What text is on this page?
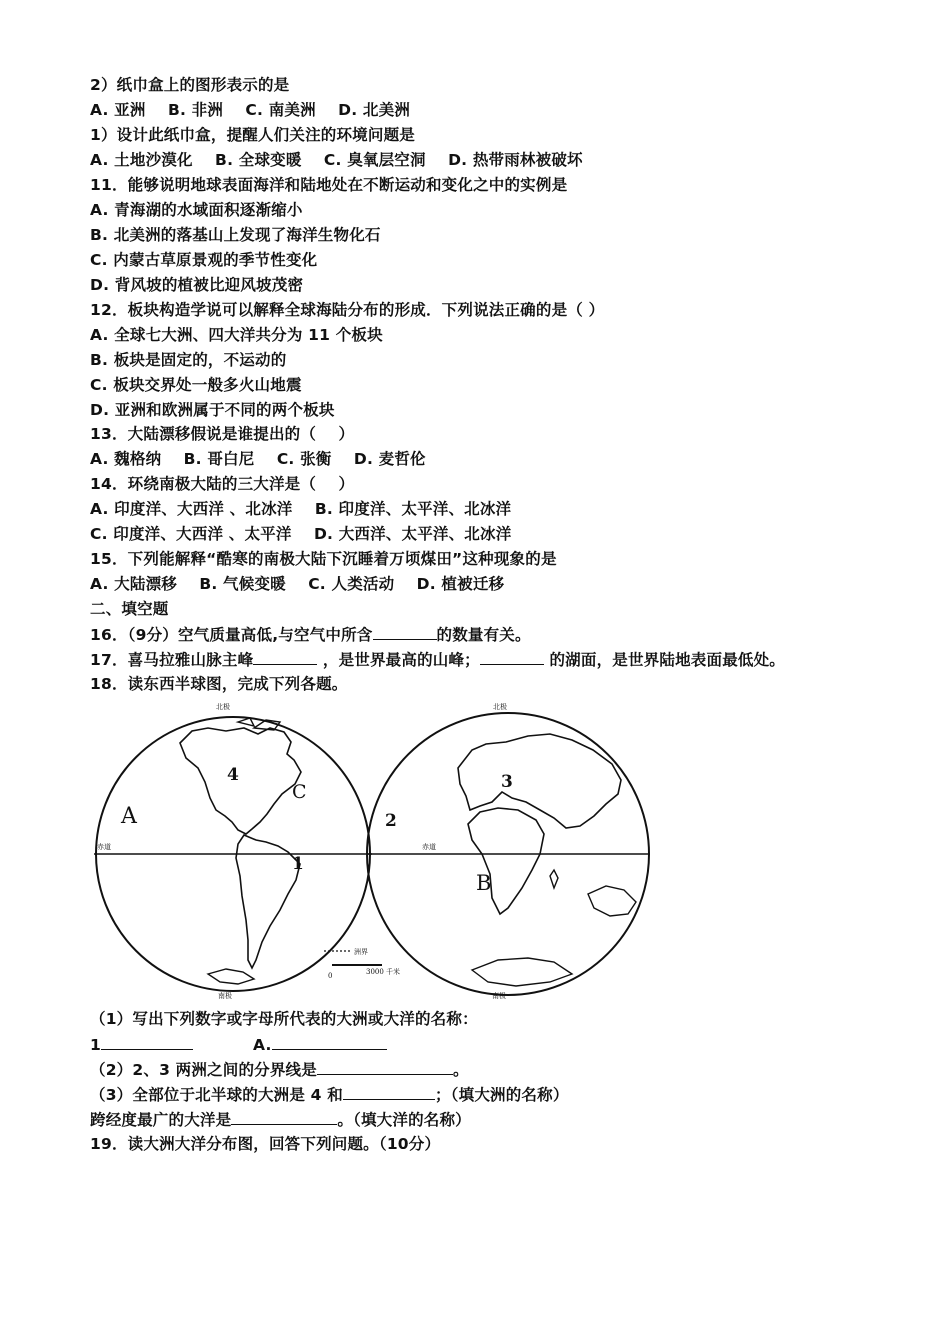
2）纸巾盒上的图形表示的是
A. 亚洲    B. 非洲    C. 南美洲    D. 北美洲
1）设计此纸巾盒，提醒人们关注的环境问题是
A. 土地沙漠化    B. 全球变暖    C. 臭氧层空洞    D. 热带雨林被破坏
11．能够说明地球表面海洋和陆地处在不断运动和变化之中的实例是
A. 青海湖的水域面积逐渐缩小
B. 北美洲的落基山上发现了海洋生物化石
C. 内蒙古草原景观的季节性变化
D. 背风坡的植被比迎风坡茂密
12．板块构造学说可以解释全球海陆分布的形成．下列说法正确的是（ ）
A. 全球七大洲、四大洋共分为 11 个板块
B. 板块是固定的，不运动的
C. 板块交界处一般多火山地震
D. 亚洲和欧洲属于不同的两个板块
13．大陆漂移假说是谁提出的（    ）
A. 魏格纳    B. 哥白尼    C. 张衡    D. 麦哲伦
14．环绕南极大陆的三大洋是（    ）
A. 印度洋、大西洋 、北冰洋    B. 印度洋、太平洋、北冰洋
C. 印度洋、大西洋 、太平洋    D. 大西洋、太平洋、北冰洋
15．下列能解释“酷寒的南极大陆下沉睡着万顷煤田”这种现象的是
A. 大陆漂移    B. 气候变暖    C. 人类活动    D. 植被迁移
二、填空题
16．（9分）空气质量高低,与空气中所含	的数量有关。
17．喜马拉雅山脉主峰	，是世界最高的山峰；	的湖面，是世界陆地表面最低处。
18．读东西半球图，完成下列各题。
A
4
C
1
北极
南极
赤道
洲界
0	3000 千米
3
2
B
北极
南极
赤道
（1）写出下列数字或字母所代表的大洲或大洋的名称：
1	A.
（2）2、3 两洲之间的分界线是	。
（3）全部位于北半球的大洲是 4 和	；（填大洲的名称）
跨经度最广的大洋是	。（填大洋的名称）
19．读大洲大洋分布图，回答下列问题。（10分）
